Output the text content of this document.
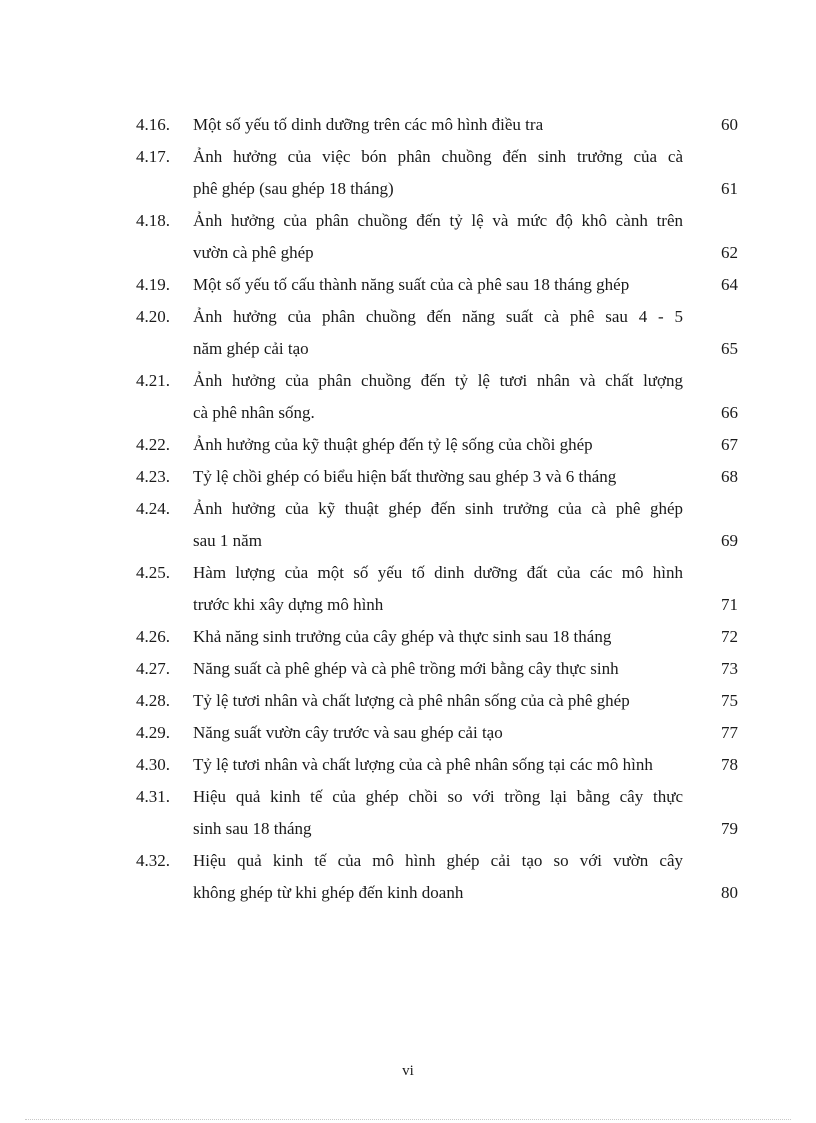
4.16.	Một số yếu tố dinh dưỡng trên các mô hình điều tra	60
4.17.	Ảnh hưởng của việc bón phân chuồng đến sinh trưởng của cà
phê ghép (sau ghép 18 tháng)	61
4.18.	Ảnh hưởng của phân chuồng đến tỷ lệ và mức độ khô cành trên
vườn cà phê ghép	62
4.19.	Một số yếu tố cấu thành năng suất của cà phê sau 18 tháng ghép	64
4.20.	Ảnh hưởng của phân chuồng đến năng suất cà phê sau 4 - 5
năm ghép cải tạo	65
4.21.	Ảnh hưởng của phân chuồng đến tỷ lệ tươi nhân và chất lượng
cà phê nhân sống.	66
4.22.	Ảnh hưởng của kỹ thuật ghép đến tỷ lệ sống của chồi ghép	67
4.23.	Tỷ lệ chồi ghép có biểu hiện bất thường sau ghép 3 và 6 tháng	68
4.24.	Ảnh hưởng của kỹ thuật ghép đến sinh trưởng của cà phê ghép
sau 1 năm	69
4.25.	Hàm lượng của một số yếu tố dinh dưỡng đất của các mô hình
trước khi xây dựng mô hình	71
4.26.	Khả năng sinh trưởng của cây ghép và thực sinh sau 18 tháng	72
4.27.	Năng suất cà phê ghép và cà phê trồng mới bằng cây thực sinh	73
4.28.	Tỷ lệ tươi nhân và chất lượng cà phê nhân sống của cà phê ghép	75
4.29.	Năng suất vườn cây trước và sau ghép cải tạo	77
4.30.	Tỷ lệ tươi nhân và chất lượng của cà phê nhân sống tại các mô hình	78
4.31.	Hiệu quả kinh tế của ghép chồi so với trồng lại bằng cây thực
sinh sau 18 tháng	79
4.32.	Hiệu quả kinh tế của mô hình ghép cải tạo so với vườn cây
không ghép từ khi ghép đến kinh doanh	80
vi
